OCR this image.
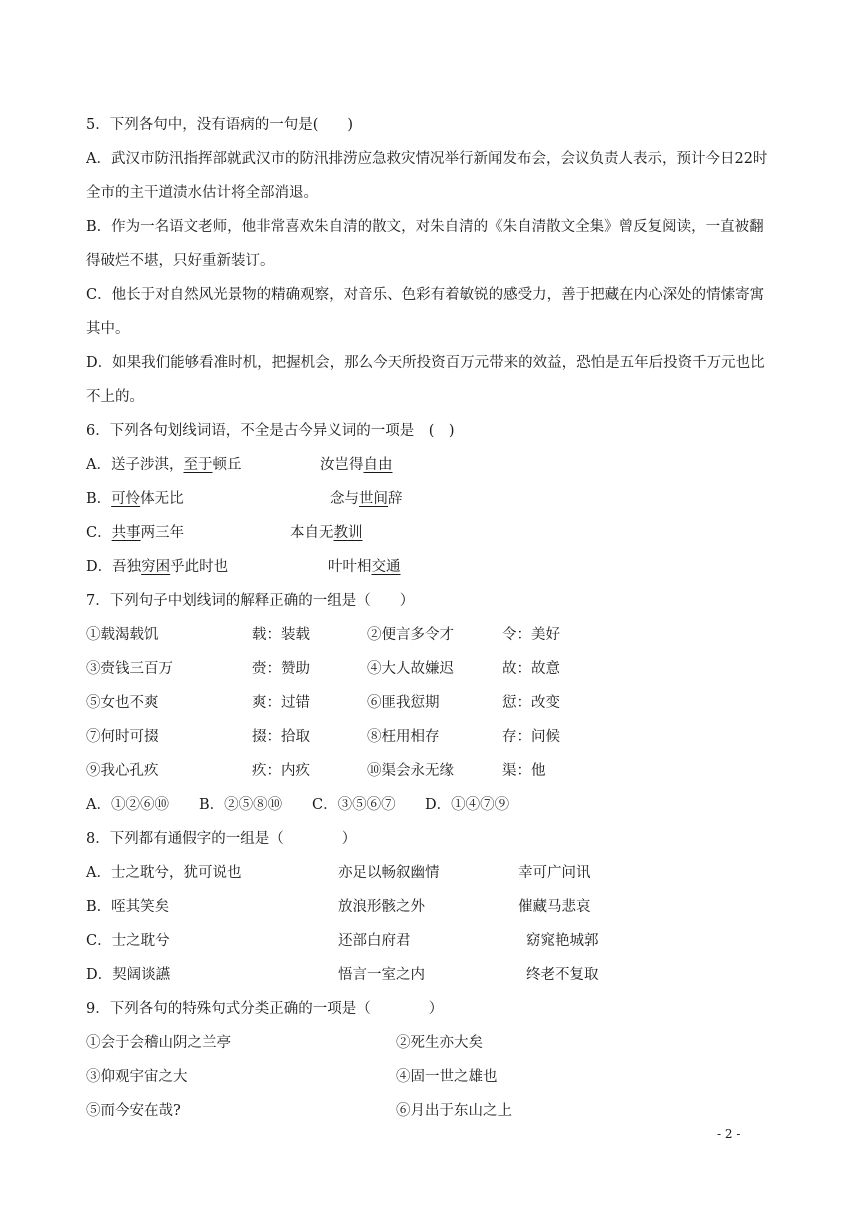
5．下列各句中，没有语病的一句是(　　)
A．武汉市防汛指挥部就武汉市的防汛排涝应急救灾情况举行新闻发布会，会议负责人表示，预计今日22时全市的主干道渍水估计将全部消退。
B．作为一名语文老师，他非常喜欢朱自清的散文，对朱自清的《朱自清散文全集》曾反复阅读，一直被翻得破烂不堪，只好重新装订。
C．他长于对自然风光景物的精确观察，对音乐、色彩有着敏锐的感受力，善于把藏在内心深处的情愫寄寓其中。
D．如果我们能够看准时机，把握机会，那么今天所投资百万元带来的效益，恐怕是五年后投资千万元也比不上的。
6．下列各句划线词语，不全是古今异义词的一项是　(　)
A．送子涉淇，至于顿丘	汝岂得自由
B．可怜体无比	念与世间辞
C．共事两三年	本自无教训
D．吾独穷困乎此时也	叶叶相交通
7．下列句子中划线词的解释正确的一组是（　　）
①载渴载饥	载：装载	②便言多令才	令：美好
③赍钱三百万	赍：赞助	④大人故嫌迟	故：故意
⑤女也不爽	爽：过错	⑥匪我愆期	愆：改变
⑦何时可掇	掇：拾取	⑧枉用相存	存：问候
⑨我心孔疚	疚：内疚	⑩渠会永无缘	渠：他
A．①②⑥⑩ B．②⑤⑧⑩ C．③⑤⑥⑦ D．①④⑦⑨
8．下列都有通假字的一组是（　　　　）
A．士之耽兮，犹可说也	亦足以畅叙幽情	幸可广问讯
B．咥其笑矣	放浪形骸之外	催藏马悲哀
C．士之耽兮	还部白府君	窈窕艳城郭
D．契阔谈讌	悟言一室之内	终老不复取
9．下列各句的特殊句式分类正确的一项是（　　　　）
①会于会稽山阴之兰亭	②死生亦大矣
③仰观宇宙之大	④固一世之雄也
⑤而今安在哉?	⑥月出于东山之上
- 2 -
